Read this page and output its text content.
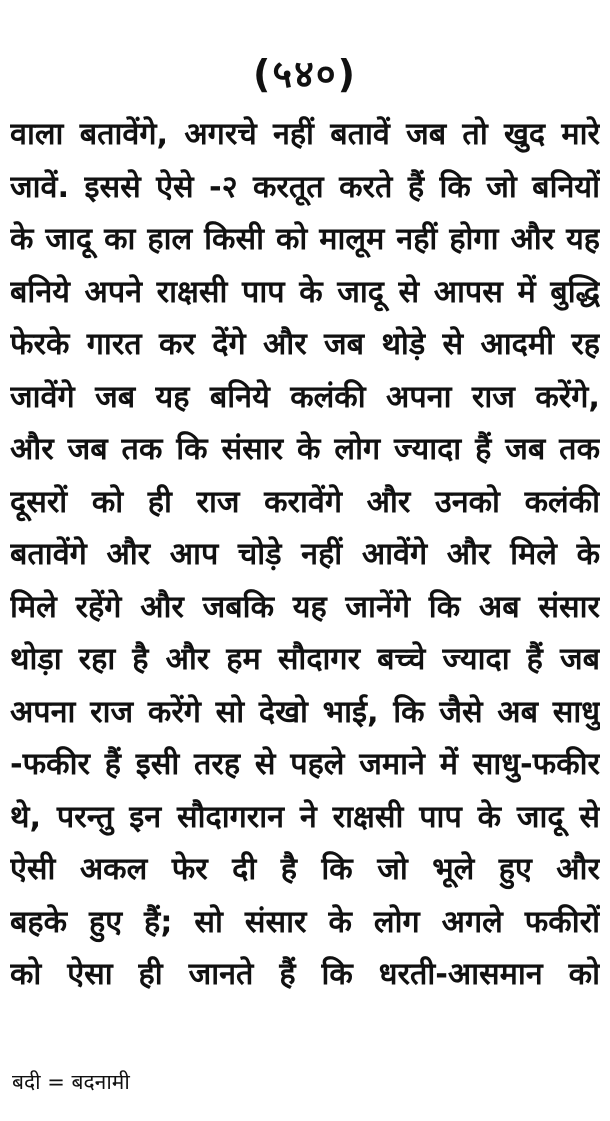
(५४०)
वाला बतावेंगे, अगरचे नहीं बतावें जब तो खुद मारे
जावें. इससे ऐसे -२ करतूत करते हैं कि जो बनियों
के जादू का हाल किसी को मालूम नहीं होगा और यह
बनिये अपने राक्षसी पाप के जादू से आपस में बुद्धि
फेरके गारत कर देंगे और जब थोड़े से आदमी रह
जावेंगे जब यह बनिये कलंकी अपना राज करेंगे,
और जब तक कि संसार के लोग ज्यादा हैं जब तक
दूसरों को ही राज करावेंगे और उनको कलंकी
बतावेंगे और आप चोड़े नहीं आवेंगे और मिले के
मिले रहेंगे और जबकि यह जानेंगे कि अब संसार
थोड़ा रहा है और हम सौदागर बच्चे ज्यादा हैं जब
अपना राज करेंगे सो देखो भाई, कि जैसे अब साधु
-फकीर हैं इसी तरह से पहले जमाने में साधु-फकीर
थे, परन्तु इन सौदागरान ने राक्षसी पाप के जादू से
ऐसी अकल फेर दी है कि जो भूले हुए और
बहके हुए हैं; सो संसार के लोग अगले फकीरों
को ऐसा ही जानते हैं कि धरती-आसमान को
बदी = बदनामी
